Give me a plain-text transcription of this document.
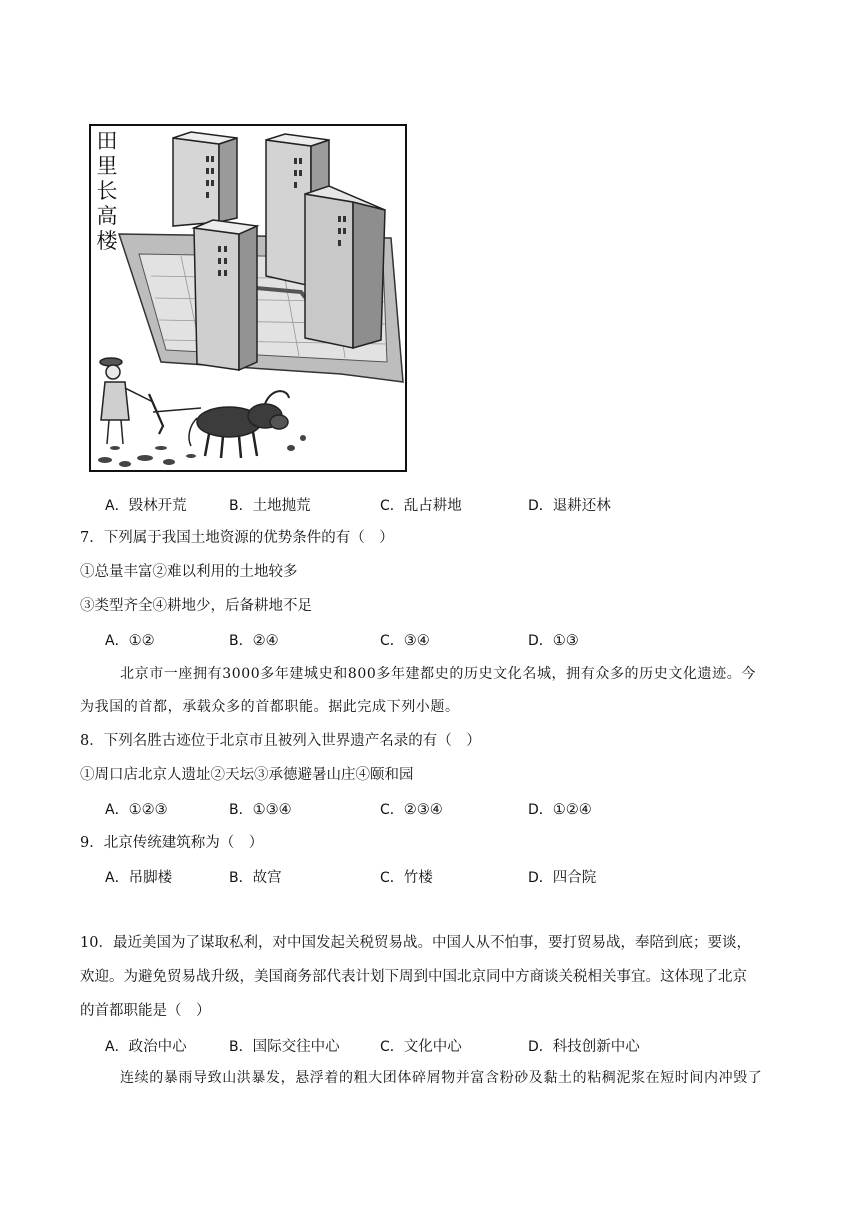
田
里
长
高
楼
A．毁林开荒	B．土地抛荒	C．乱占耕地	D．退耕还林
7．下列属于我国土地资源的优势条件的有（　）
①总量丰富②难以利用的土地较多
③类型齐全④耕地少，后备耕地不足
A．①②	B．②④	C．③④	D．①③
北京市一座拥有3000多年建城史和800多年建都史的历史文化名城，拥有众多的历史文化遗迹。今
为我国的首都，承载众多的首都职能。据此完成下列小题。
8．下列名胜古迹位于北京市且被列入世界遗产名录的有（　）
①周口店北京人遗址②天坛③承德避暑山庄④颐和园
A．①②③	B．①③④	C．②③④	D．①②④
9．北京传统建筑称为（　）
A．吊脚楼	B．故宫	C．竹楼	D．四合院
10．最近美国为了谋取私利，对中国发起关税贸易战。中国人从不怕事，要打贸易战，奉陪到底；要谈，
欢迎。为避免贸易战升级，美国商务部代表计划下周到中国北京同中方商谈关税相关事宜。这体现了北京
的首都职能是（　）
A．政治中心	B．国际交往中心	C．文化中心	D．科技创新中心
连续的暴雨导致山洪暴发，悬浮着的粗大团体碎屑物并富含粉砂及黏土的粘稠泥浆在短时间内冲毁了
